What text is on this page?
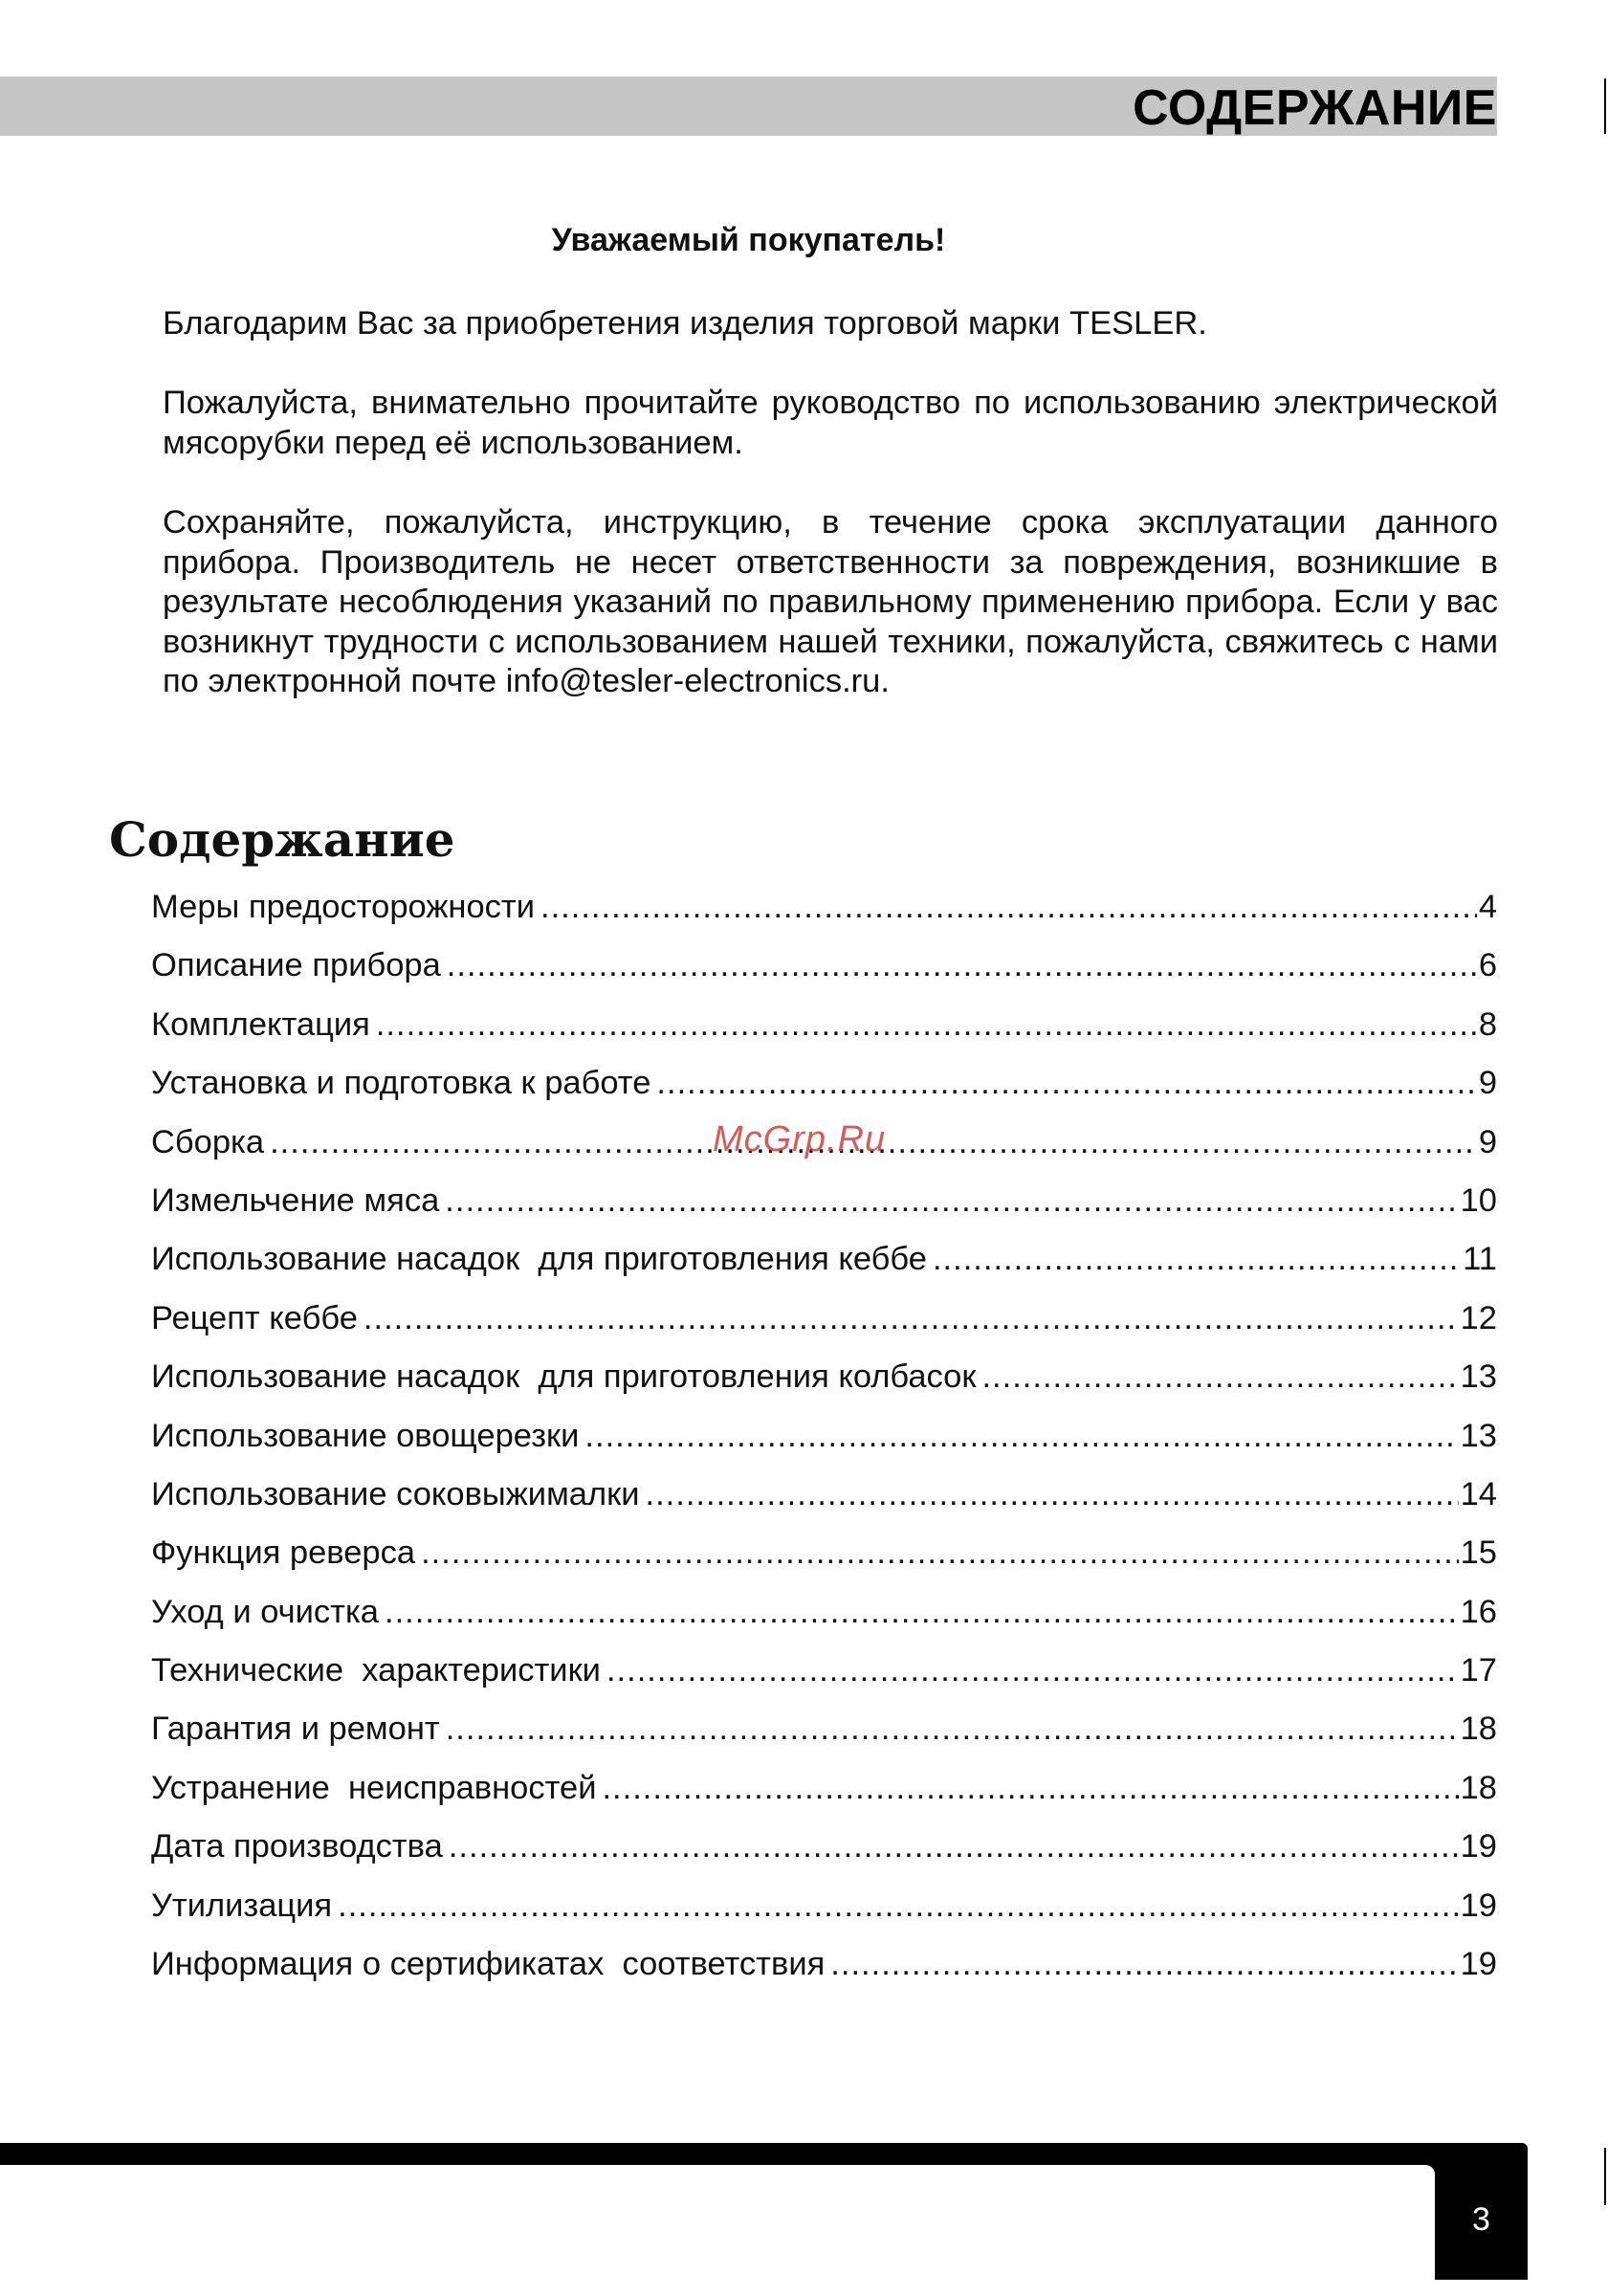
СОДЕРЖАНИЕ
Уважаемый покупатель!
Благодарим Вас за приобретения изделия торговой марки TESLER.
Пожалуйста, внимательно прочитайте руководство по использованию электрической мясорубки перед её использованием.
Сохраняйте, пожалуйста, инструкцию, в течение срока эксплуатации данного прибора. Производитель не несет ответственности за повреждения, возникшие в результате несоблюдения указаний по правильному применению прибора. Если у вас возникнут трудности с использованием нашей техники, пожалуйста, свяжитесь с нами по электронной почте info@tesler-electronics.ru.
Содержание
Меры предосторожности .....	4
Описание прибора .....	6
Комплектация .....	8
Установка и подготовка к работе .....	9
Сборка .....	9
Измельчение мяса .....	10
Использование насадок  для приготовления кеббе .....	11
Рецепт кеббе .....	12
Использование насадок  для приготовления колбасок .....	13
Использование овощерезки .....	13
Использование соковыжималки .....	14
Функция реверса .....	15
Уход и очистка .....	16
Технические  характеристики .....	17
Гарантия и ремонт .....	18
Устранение  неисправностей .....	18
Дата производства .....	19
Утилизация .....	19
Информация о сертификатах  соответствия .....	19
McGrp.Ru
3
